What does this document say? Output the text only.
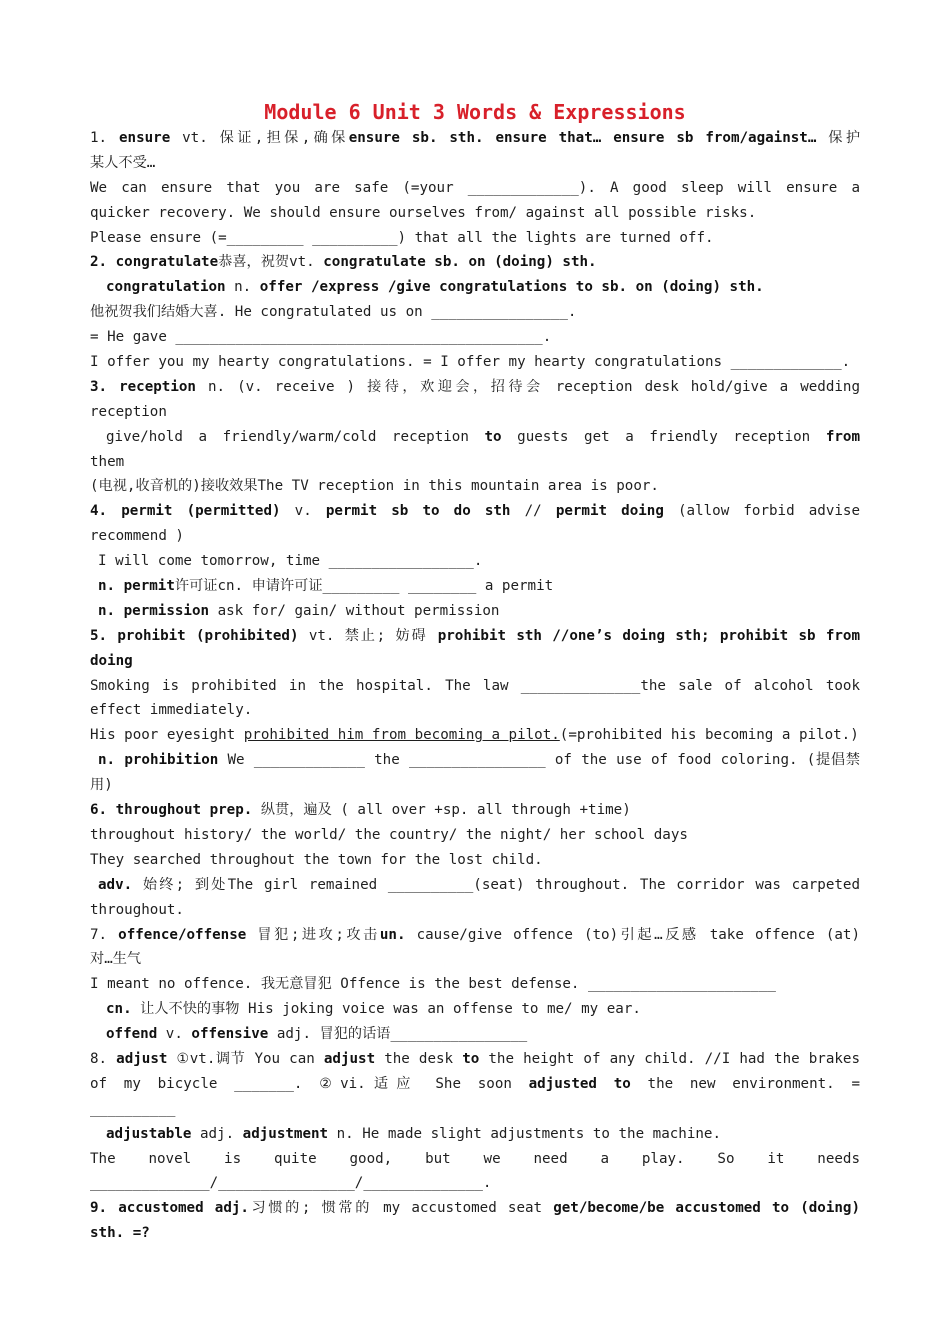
Module 6 Unit 3 Words & Expressions
1. ensure vt. 保证,担保,确保ensure sb. sth. ensure that… ensure sb from/against… 保护
某人不受…
We can ensure that you are safe (=your _____________). A good sleep will ensure a
quicker recovery. We should ensure ourselves from/ against all possible risks.
Please ensure (=_________ __________) that all the lights are turned off.
2. congratulate恭喜，祝贺vt. congratulate sb. on (doing) sth.
congratulation n. offer /express /give congratulations to sb. on (doing) sth.
他祝贺我们结婚大喜. He congratulated us on ________________.
= He gave ___________________________________________.
I offer you my hearty congratulations. = I offer my hearty congratulations _____________.
3. reception n. (v. receive ) 接待，欢迎会，招待会 reception desk hold/give a wedding
reception
give/hold a friendly/warm/cold reception to guests get a friendly reception from
them
(电视,收音机的)接收效果The TV reception in this mountain area is poor.
4. permit (permitted) v. permit sb to do sth // permit doing (allow forbid advise
recommend )
I will come tomorrow, time _________________.
n. permit许可证cn. 申请许可证_________ ________ a permit
n. permission ask for/ gain/ without permission
5. prohibit (prohibited) vt. 禁止; 妨碍 prohibit sth //one’s doing sth; prohibit sb from
doing
Smoking is prohibited in the hospital. The law ______________the sale of alcohol took
effect immediately.
His poor eyesight prohibited him from becoming a pilot.(=prohibited his becoming a pilot.)
n. prohibition We _____________ the ________________ of the use of food coloring. (提倡禁
用)
6. throughout prep. 纵贯，遍及 ( all over +sp. all through +time)
throughout history/ the world/ the country/ the night/ her school days
They searched throughout the town for the lost child.
adv. 始终; 到处The girl remained __________(seat) throughout. The corridor was carpeted
throughout.
7. offence/offense 冒犯;进攻;攻击un. cause/give offence (to)引起…反感 take offence (at)
对…生气
I meant no offence. 我无意冒犯 Offence is the best defense. ______________________
cn. 让人不快的事物 His joking voice was an offense to me/ my ear.
offend v. offensive adj. 冒犯的话语________________
8. adjust ①vt.调节 You can adjust the desk to the height of any child. //I had the brakes
of my bicycle _______. ②vi.适应 She soon adjusted to the new environment. =
__________
adjustable adj. adjustment n. He made slight adjustments to the machine.
The novel is quite good, but we need a play. So it needs
______________/________________/______________.
9. accustomed adj.习惯的; 惯常的 my accustomed seat get/become/be accustomed to (doing)
sth. =?
